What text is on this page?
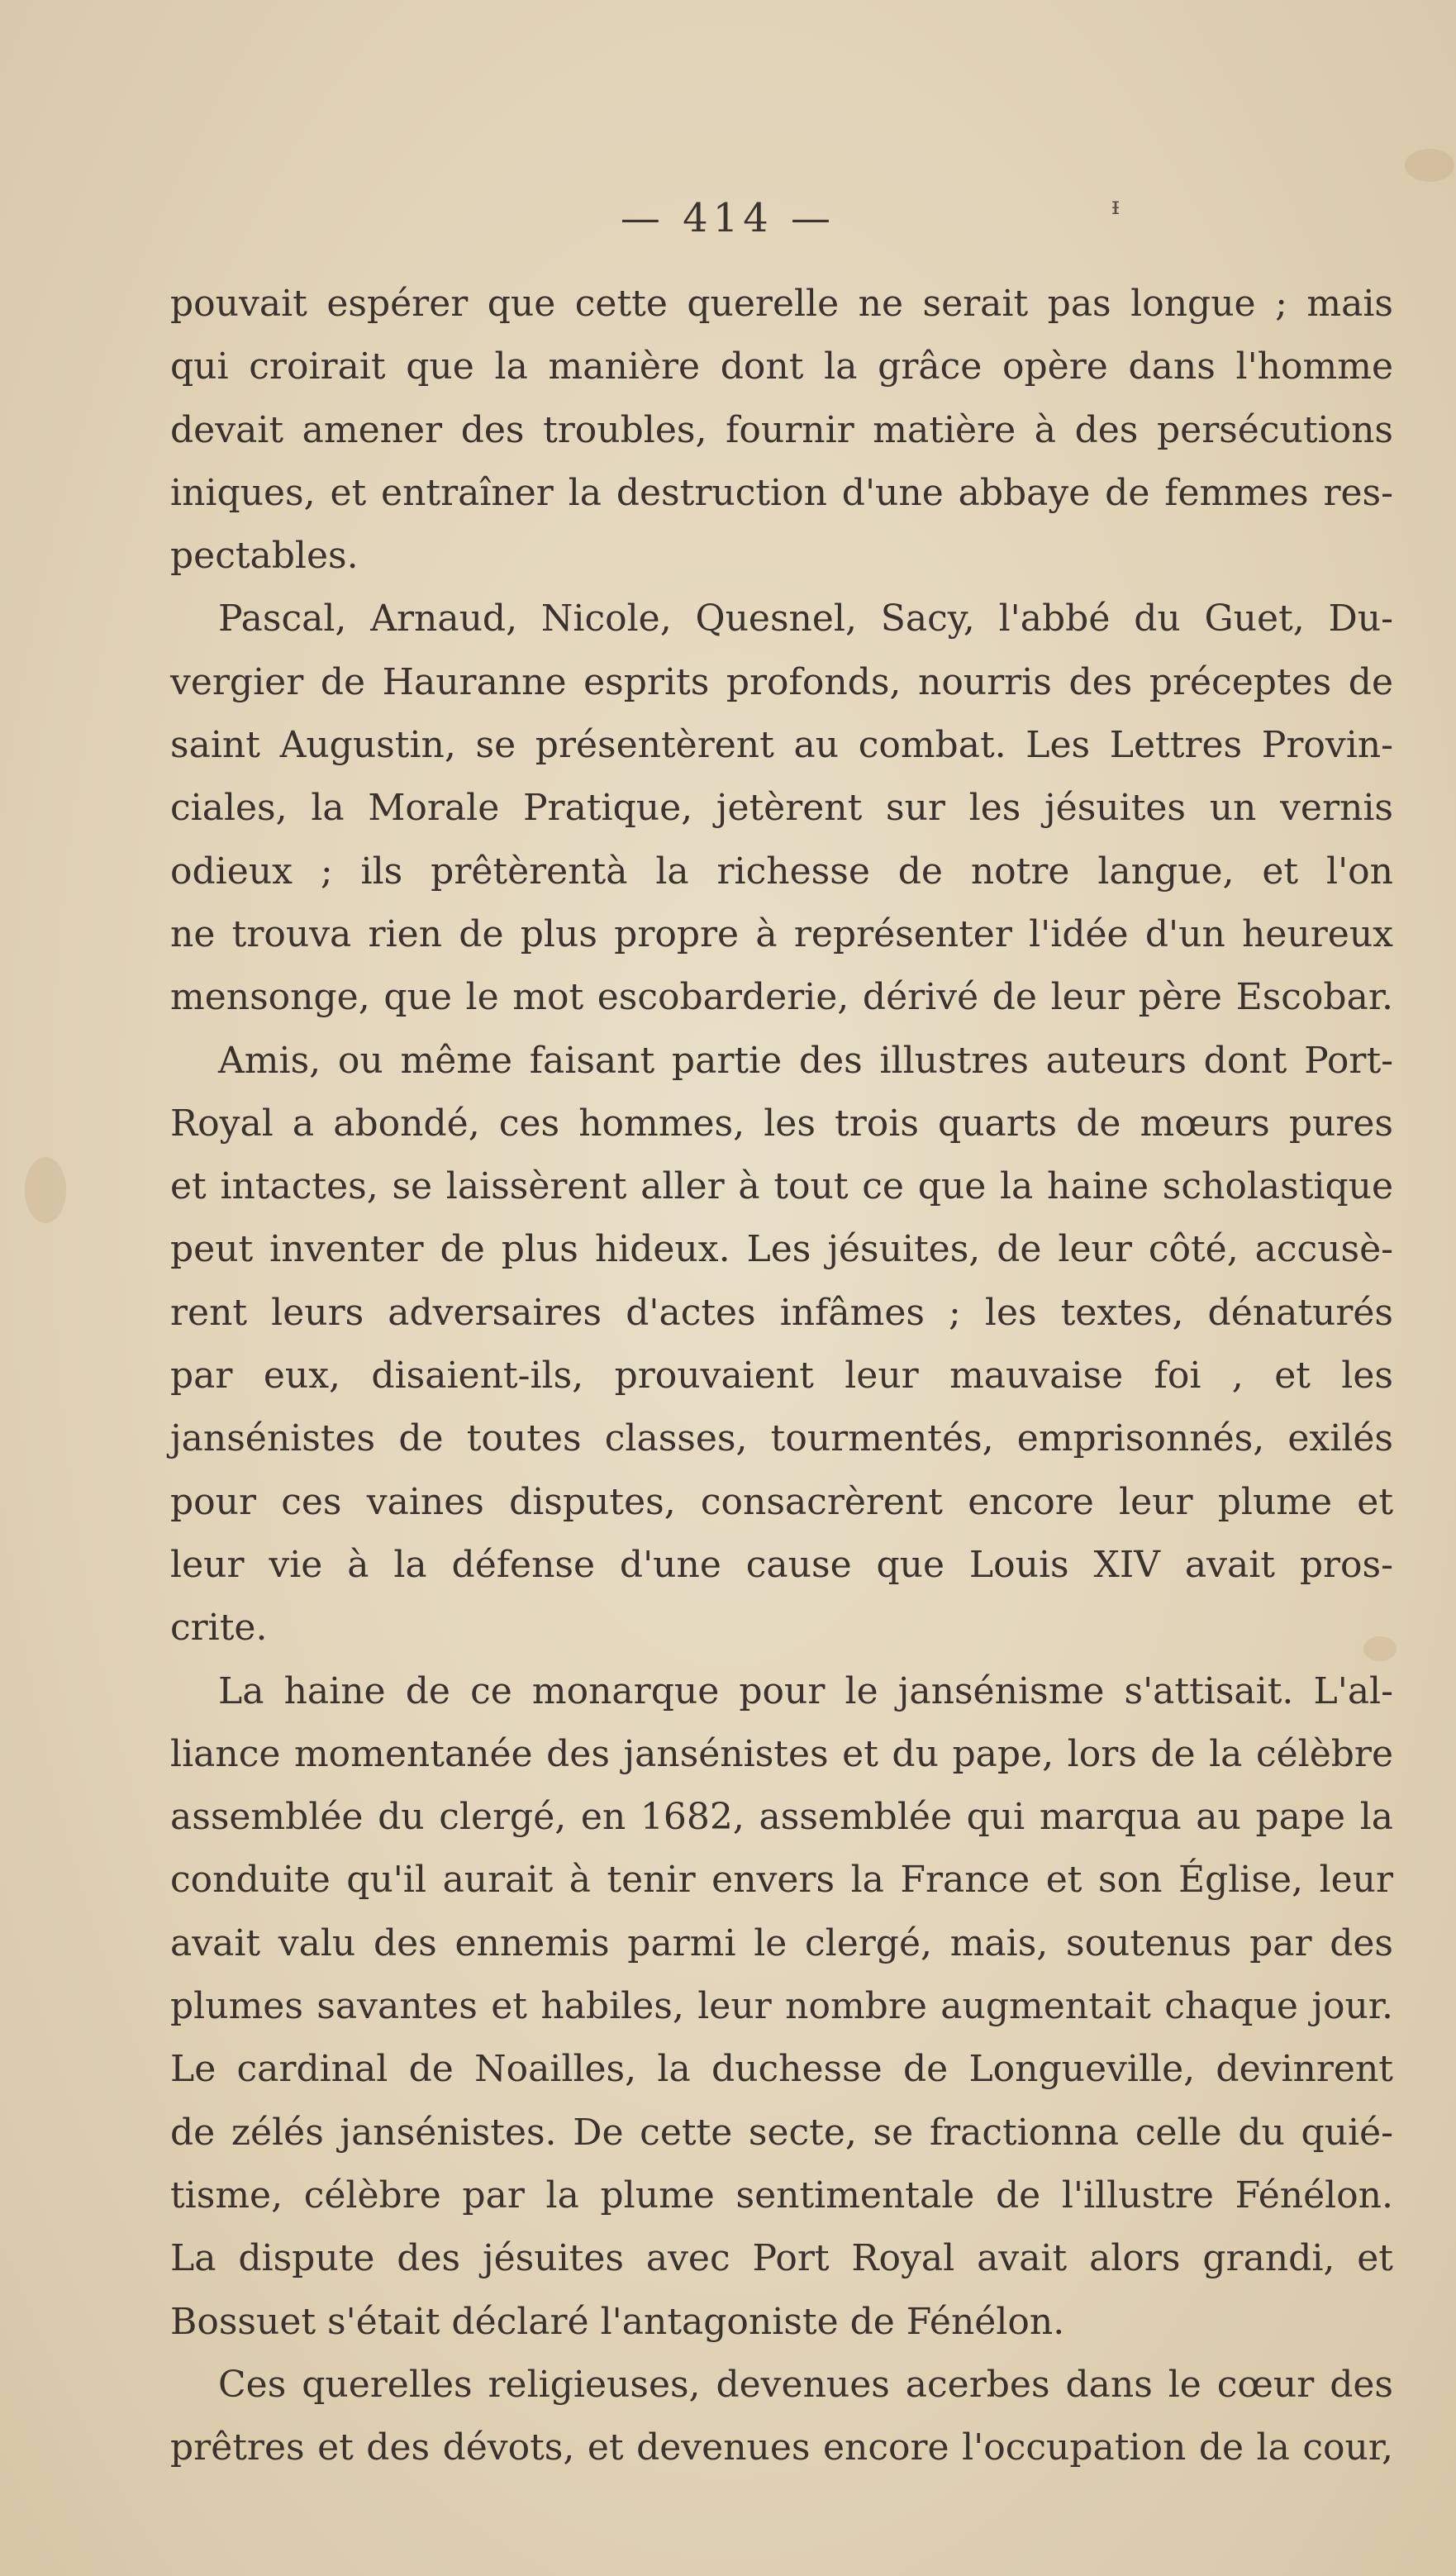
— 414 —	ᵻ
pouvait espérer que cette querelle ne serait pas longue ; mais
qui croirait que la manière dont la grâce opère dans l'homme
devait amener des troubles, fournir matière à des persécutions
iniques, et entraîner la destruction d'une abbaye de femmes res-
pectables.
Pascal, Arnaud, Nicole, Quesnel, Sacy, l'abbé du Guet, Du-
vergier de Hauranne esprits profonds, nourris des préceptes de
saint Augustin, se présentèrent au combat. Les Lettres Provin-
ciales, la Morale Pratique, jetèrent sur les jésuites un vernis
odieux ; ils prêtèrentà la richesse de notre langue, et l'on
ne trouva rien de plus propre à représenter l'idée d'un heureux
mensonge, que le mot escobarderie, dérivé de leur père Escobar.
Amis, ou même faisant partie des illustres auteurs dont Port-
Royal a abondé, ces hommes, les trois quarts de mœurs pures
et intactes, se laissèrent aller à tout ce que la haine scholastique
peut inventer de plus hideux. Les jésuites, de leur côté, accusè-
rent leurs adversaires d'actes infâmes ; les textes, dénaturés
par eux, disaient-ils, prouvaient leur mauvaise foi , et les
jansénistes de toutes classes, tourmentés, emprisonnés, exilés
pour ces vaines disputes, consacrèrent encore leur plume et
leur vie à la défense d'une cause que Louis XIV avait pros-
crite.
La haine de ce monarque pour le jansénisme s'attisait. L'al-
liance momentanée des jansénistes et du pape, lors de la célèbre
assemblée du clergé, en 1682, assemblée qui marqua au pape la
conduite qu'il aurait à tenir envers la France et son Église, leur
avait valu des ennemis parmi le clergé, mais, soutenus par des
plumes savantes et habiles, leur nombre augmentait chaque jour.
Le cardinal de Noailles, la duchesse de Longueville, devinrent
de zélés jansénistes. De cette secte, se fractionna celle du quié-
tisme, célèbre par la plume sentimentale de l'illustre Fénélon.
La dispute des jésuites avec Port Royal avait alors grandi, et
Bossuet s'était déclaré l'antagoniste de Fénélon.
Ces querelles religieuses, devenues acerbes dans le cœur des
prêtres et des dévots, et devenues encore l'occupation de la cour,
